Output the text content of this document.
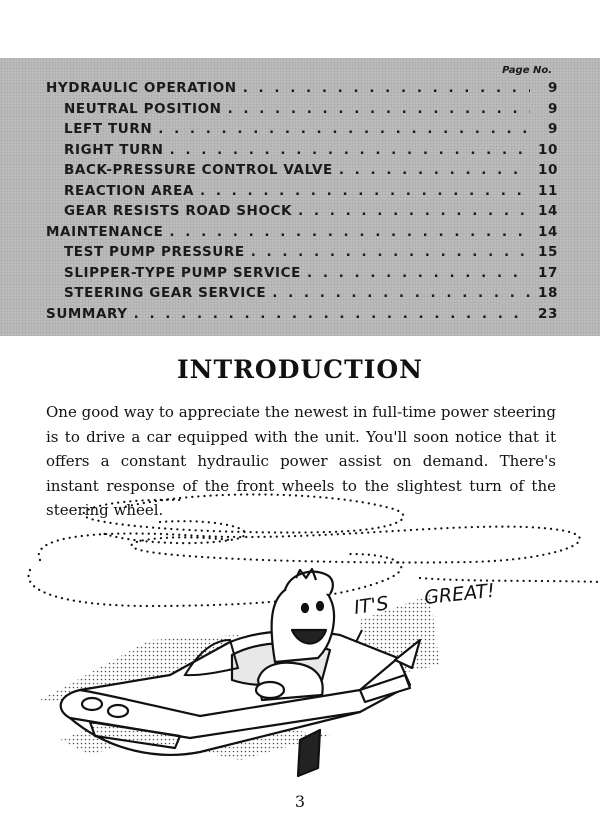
Page No.
HYDRAULIC OPERATION . . .	9
NEUTRAL POSITION . . .	9
LEFT TURN . . .	9
RIGHT TURN . . .	10
BACK-PRESSURE CONTROL VALVE . . .	10
REACTION AREA . . .	11
GEAR RESISTS ROAD SHOCK . . .	14
MAINTENANCE . . .	14
TEST PUMP PRESSURE . . .	15
SLIPPER-TYPE PUMP SERVICE . . .	17
STEERING GEAR SERVICE . . .	18
SUMMARY . . .	23
INTRODUCTION

One good way to appreciate the newest in full-time power steering is to drive a car equipped with the unit. You'll soon notice that it offers a constant hydraulic power assist on demand. There's instant response of the front wheels to the slightest turn of the steering wheel.

IT'S GREAT!
3
